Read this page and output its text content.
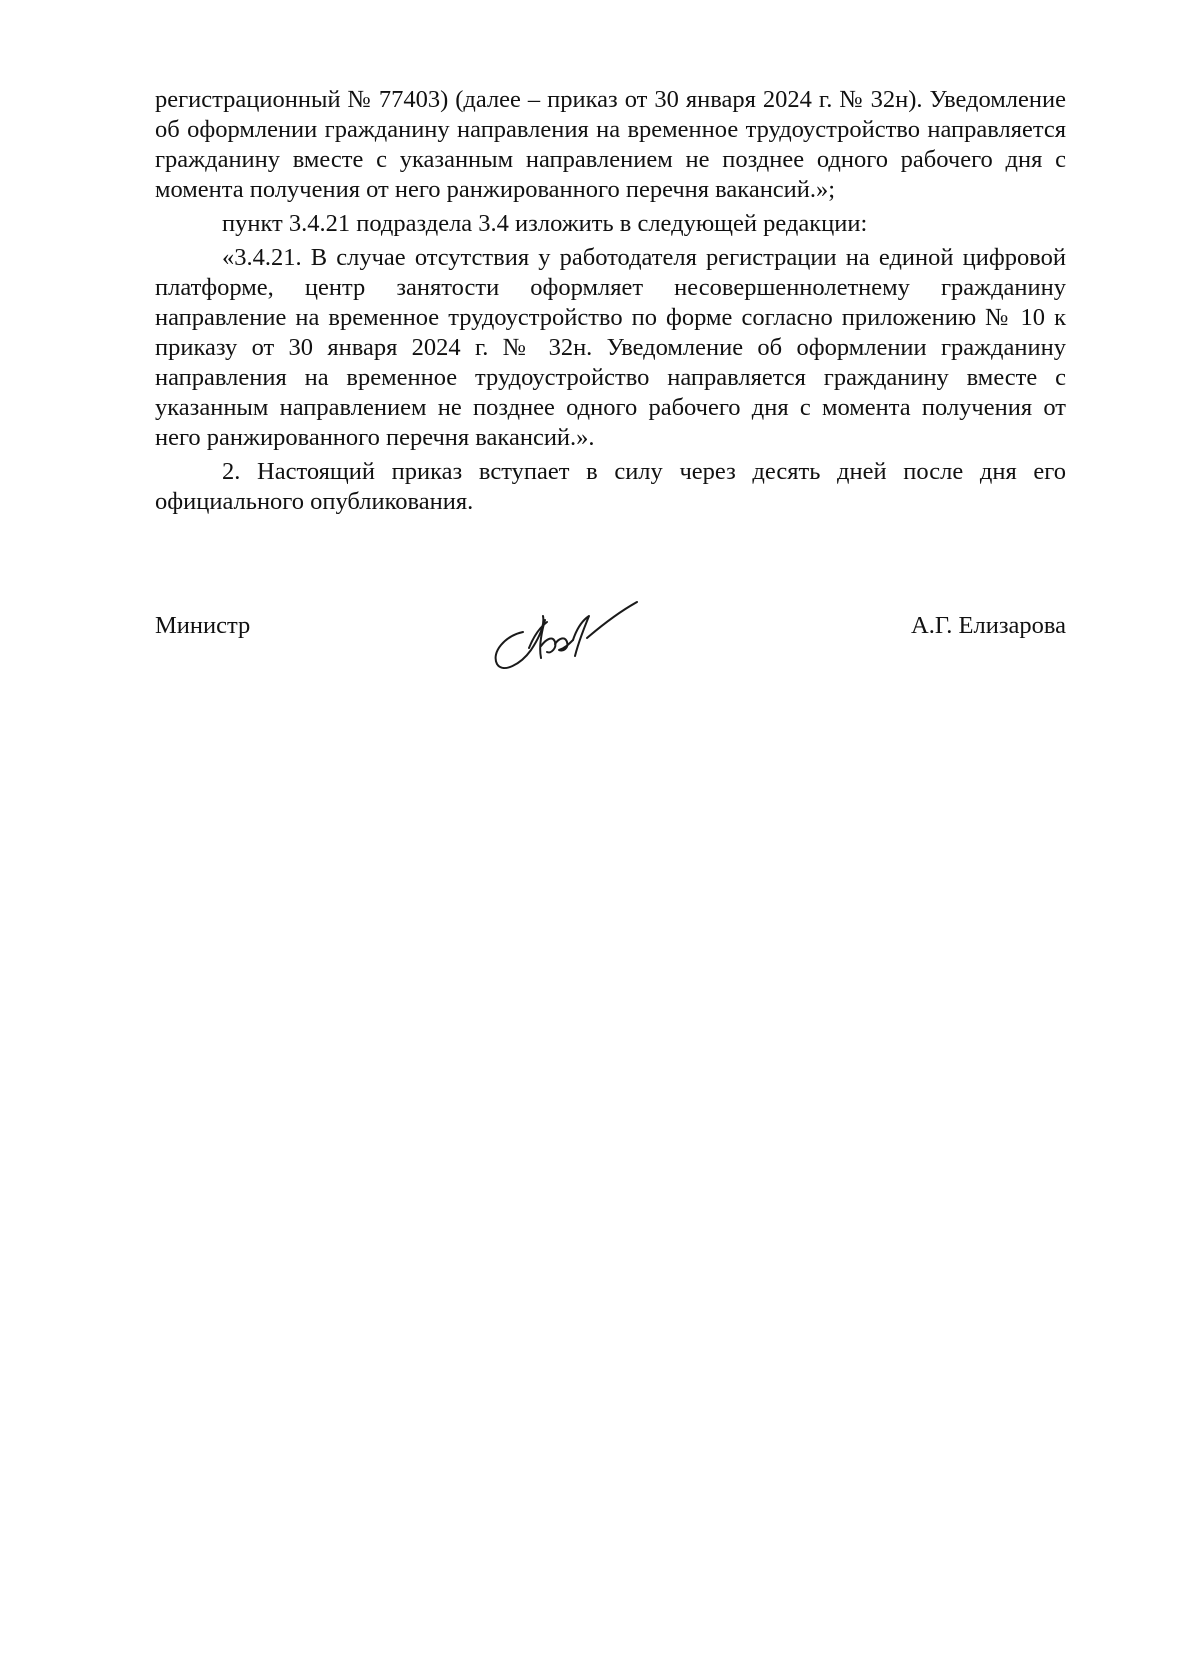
регистрационный № 77403) (далее – приказ от 30 января 2024 г. № 32н). Уведомление об оформлении гражданину направления на временное трудоустройство направляется гражданину вместе с указанным направлением не позднее одного рабочего дня с момента получения от него ранжированного перечня вакансий.»;

пункт 3.4.21 подраздела 3.4 изложить в следующей редакции:

«3.4.21. В случае отсутствия у работодателя регистрации на единой цифровой платформе, центр занятости оформляет несовершеннолетнему гражданину направление на временное трудоустройство по форме согласно приложению № 10 к приказу от 30 января 2024 г. № 32н. Уведомление об оформлении гражданину направления на временное трудоустройство направляется гражданину вместе с указанным направлением не позднее одного рабочего дня с момента получения от него ранжированного перечня вакансий.».

2. Настоящий приказ вступает в силу через десять дней после дня его официального опубликования.

Министр	А.Г. Елизарова
